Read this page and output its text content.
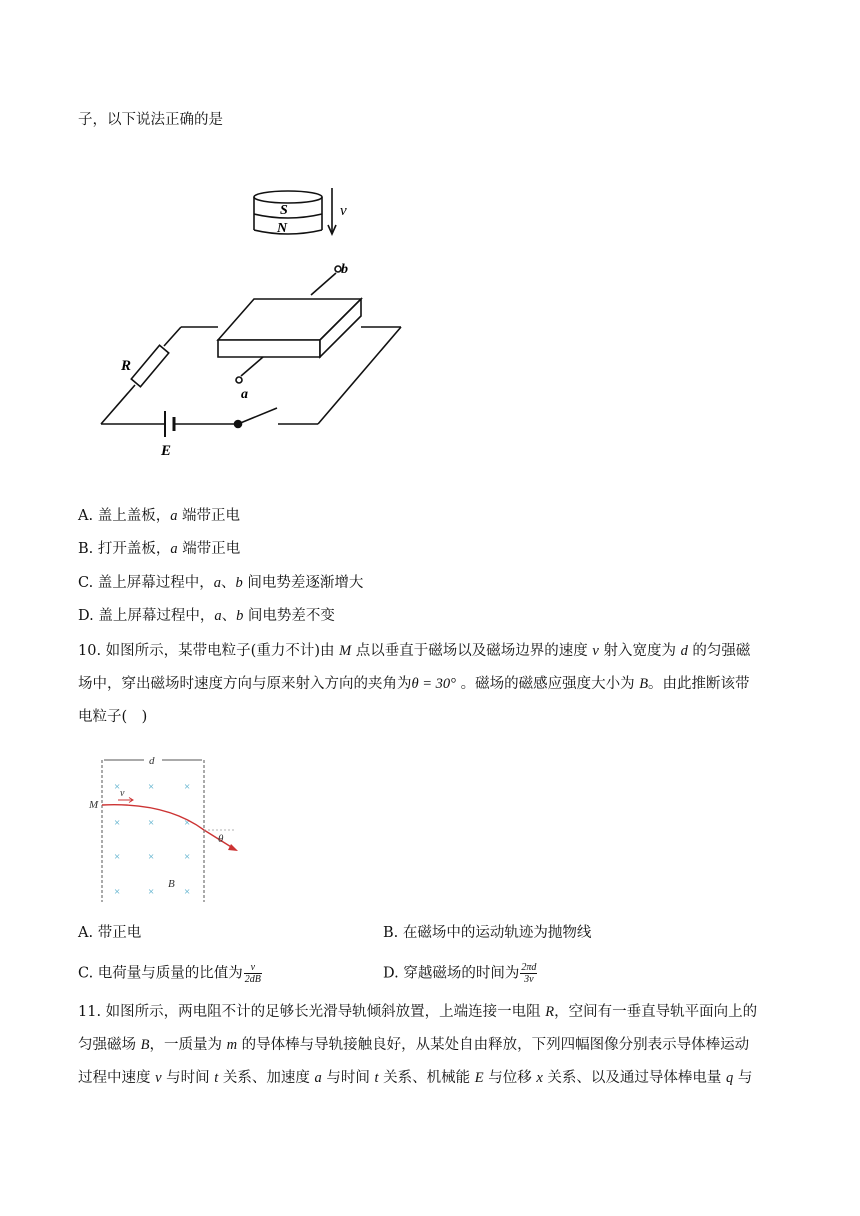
子，以下说法正确的是
S
N
v
b
a
R
E
A. 盖上盖板，a 端带正电
B. 打开盖板，a 端带正电
C. 盖上屏幕过程中，a、b 间电势差逐渐增大
D. 盖上屏幕过程中，a、b 间电势差不变
10. 如图所示，某带电粒子(重力不计)由 M 点以垂直于磁场以及磁场边界的速度 v 射入宽度为 d 的匀强磁
场中，穿出磁场时速度方向与原来射入方向的夹角为θ = 30° 。磁场的磁感应强度大小为 B。由此推断该带
电粒子(　)
d
×	×	×
×	×	×
×	×	×
×	×	×
M
v
θ
B
A. 带正电	B. 在磁场中的运动轨迹为抛物线
C. 电荷量与质量的比值为 $\frac{v}{2dB}$	D. 穿越磁场的时间为 $\frac{2\pi d}{3v}$
11. 如图所示，两电阻不计的足够长光滑导轨倾斜放置，上端连接一电阻 R，空间有一垂直导轨平面向上的
匀强磁场 B，一质量为 m 的导体棒与导轨接触良好，从某处自由释放，下列四幅图像分别表示导体棒运动
过程中速度 v 与时间 t 关系、加速度 a 与时间 t 关系、机械能 E 与位移 x 关系、以及通过导体棒电量 q 与
